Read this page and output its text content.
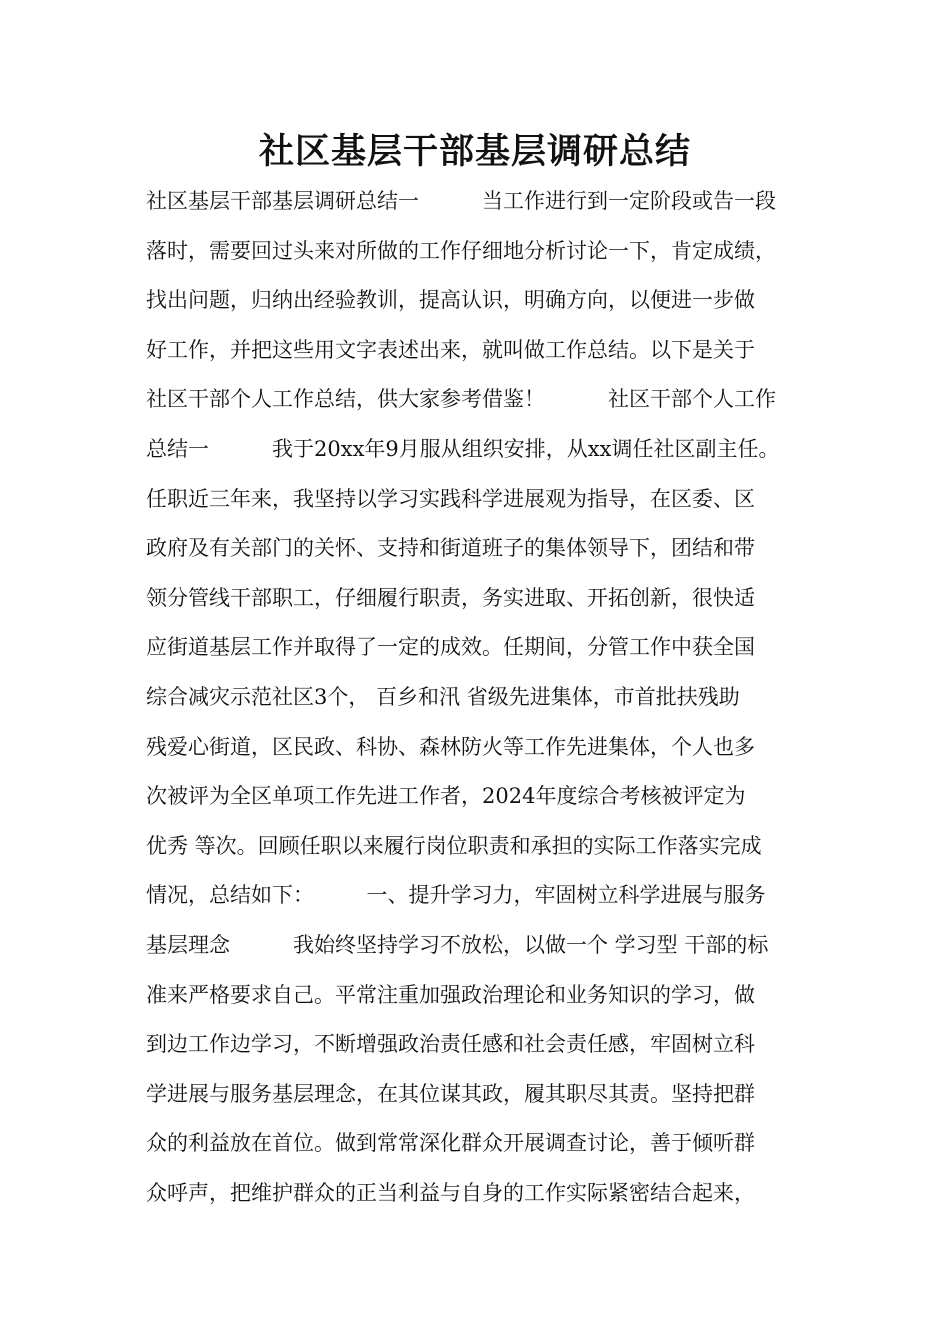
社区基层干部基层调研总结
社区基层干部基层调研总结一　　　当工作进行到一定阶段或告一段
落时，需要回过头来对所做的工作仔细地分析讨论一下，肯定成绩，
找出问题，归纳出经验教训，提高认识，明确方向，以便进一步做
好工作，并把这些用文字表述出来，就叫做工作总结。以下是关于
社区干部个人工作总结，供大家参考借鉴！　　　社区干部个人工作
总结一　　　我于20xx年9月服从组织安排，从xx调任社区副主任。
任职近三年来，我坚持以学习实践科学进展观为指导，在区委、区
政府及有关部门的关怀、支持和街道班子的集体领导下，团结和带
领分管线干部职工，仔细履行职责，务实进取、开拓创新，很快适
应街道基层工作并取得了一定的成效。任期间，分管工作中获全国
综合减灾示范社区3个， 百乡和汛 省级先进集体，市首批扶残助
残爱心街道，区民政、科协、森林防火等工作先进集体，个人也多
次被评为全区单项工作先进工作者，2024年度综合考核被评定为
优秀 等次。回顾任职以来履行岗位职责和承担的实际工作落实完成
情况，总结如下：　　　一、提升学习力，牢固树立科学进展与服务
基层理念　　　我始终坚持学习不放松，以做一个 学习型 干部的标
准来严格要求自己。平常注重加强政治理论和业务知识的学习，做
到边工作边学习，不断增强政治责任感和社会责任感，牢固树立科
学进展与服务基层理念，在其位谋其政，履其职尽其责。坚持把群
众的利益放在首位。做到常常深化群众开展调查讨论，善于倾听群
众呼声，把维护群众的正当利益与自身的工作实际紧密结合起来，
